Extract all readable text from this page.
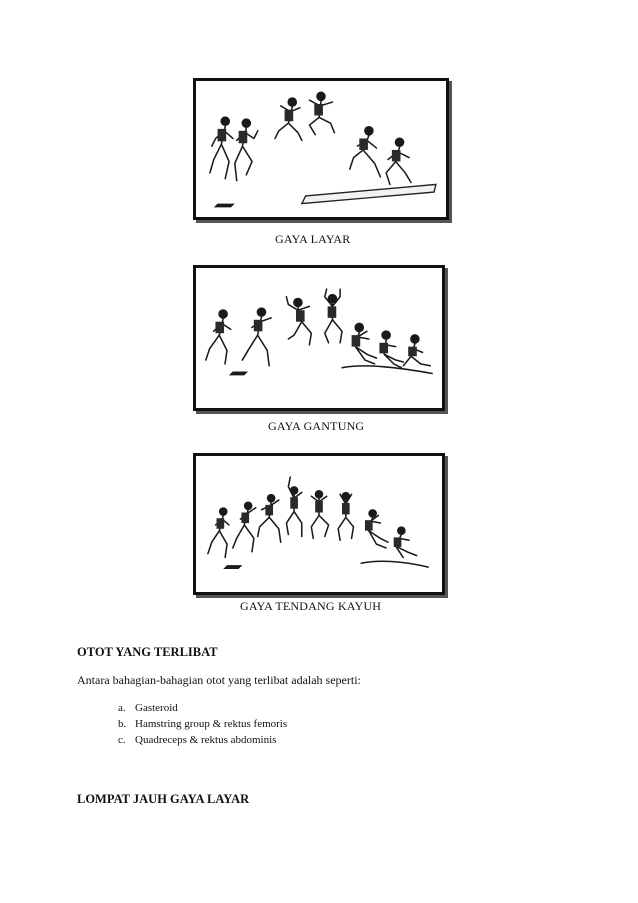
GAYA LAYAR
GAYA GANTUNG
GAYA TENDANG KAYUH
OTOT YANG TERLIBAT
Antara bahagian-bahagian otot yang terlibat adalah seperti:
a. Gasteroid
b. Hamstring group & rektus femoris
c. Quadreceps & rektus abdominis
LOMPAT JAUH GAYA LAYAR
